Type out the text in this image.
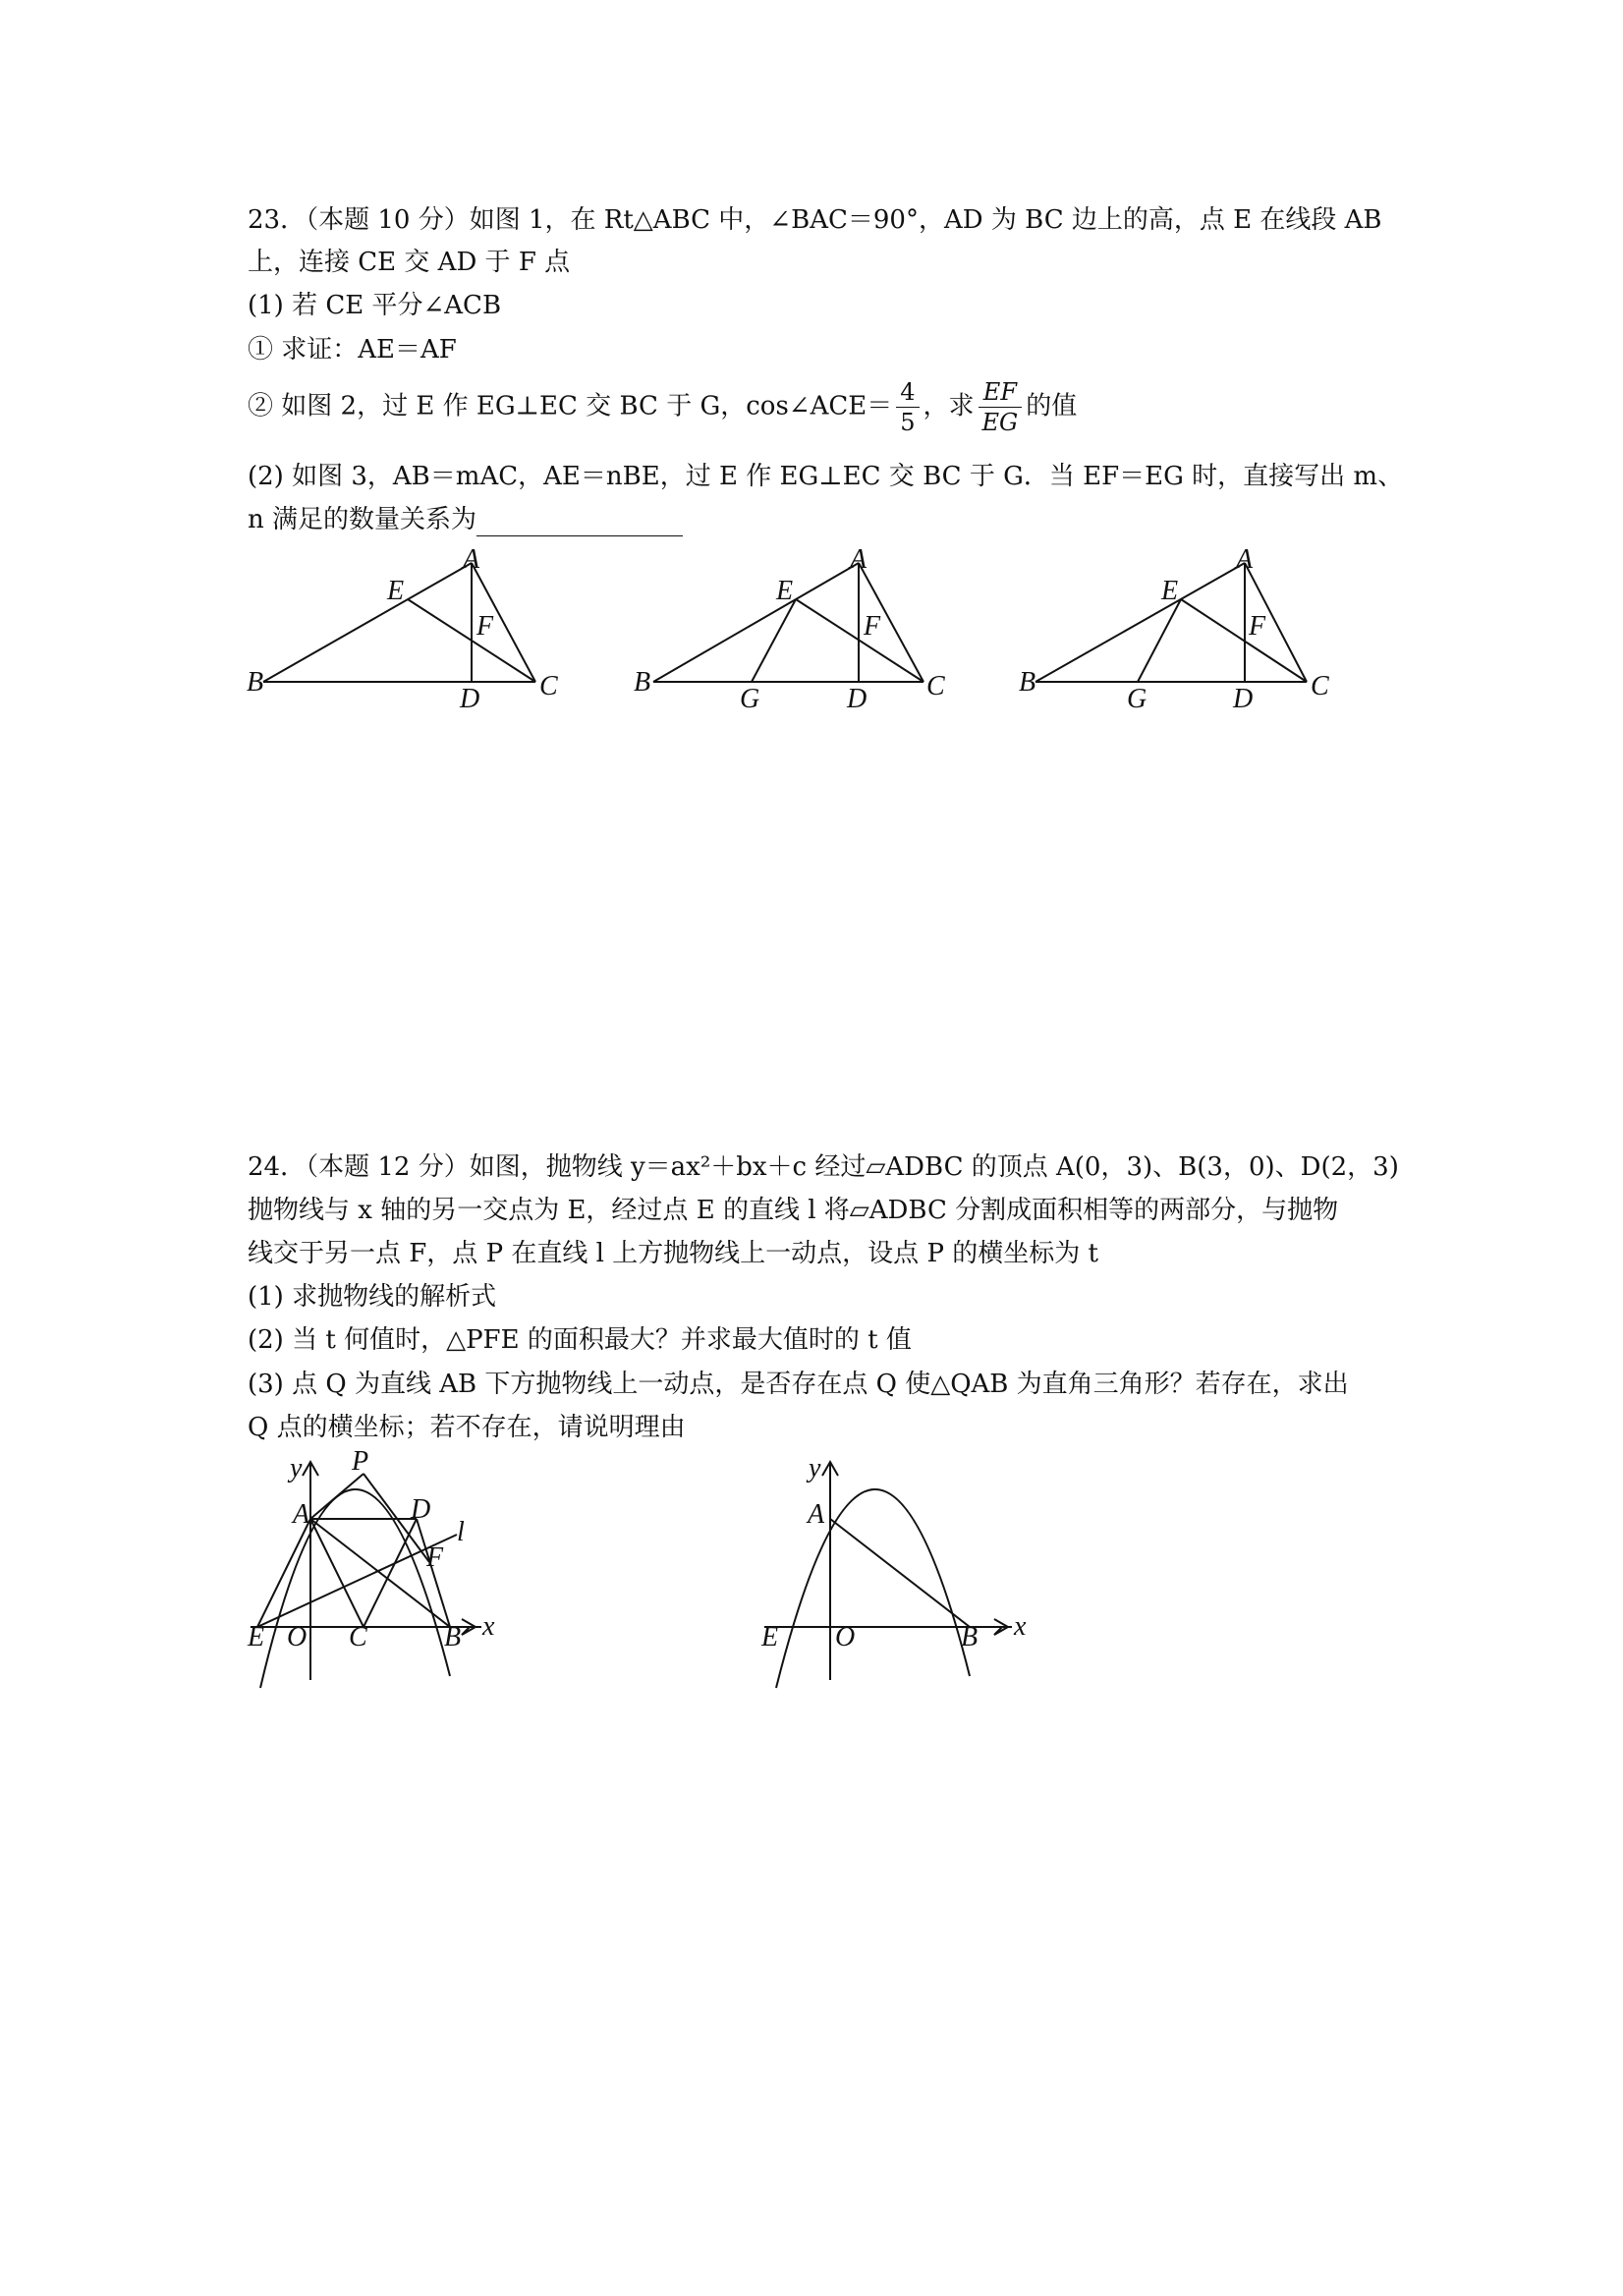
23．（本题 10 分）如图 1，在 Rt△ABC 中，∠BAC＝90°，AD 为 BC 边上的高，点 E 在线段 AB
上，连接 CE 交 AD 于 F 点
(1) 若 CE 平分∠ACB
① 求证：AE＝AF
② 如图 2，过 E 作 EG⊥EC 交 BC 于 G，cos∠ACE＝ $\frac{4}{5}$ ，求 $\frac{EF}{EG}$ 的值
(2) 如图 3，AB＝mAC，AE＝nBE，过 E 作 EG⊥EC 交 BC 于 G．当 EF＝EG 时，直接写出 m、
n 满足的数量关系为
A
B	C
D
E
F
A
B	C
D
E
F
G
A
B	C
D
E
F
G
24．（本题 12 分）如图，抛物线 y＝ax²＋bx＋c 经过▱ADBC 的顶点 A(0，3)、B(3，0)、D(2，3)
抛物线与 x 轴的另一交点为 E，经过点 E 的直线 l 将▱ADBC 分割成面积相等的两部分，与抛物
线交于另一点 F，点 P 在直线 l 上方抛物线上一动点，设点 P 的横坐标为 t
(1) 求抛物线的解析式
(2) 当 t 何值时，△PFE 的面积最大？并求最大值时的 t 值
(3) 点 Q 为直线 AB 下方抛物线上一动点，是否存在点 Q 使△QAB 为直角三角形？若存在，求出
Q 点的横坐标；若不存在，请说明理由
y
x
P
A	D
l
F
E O C	B
y
x
A
E O	B
